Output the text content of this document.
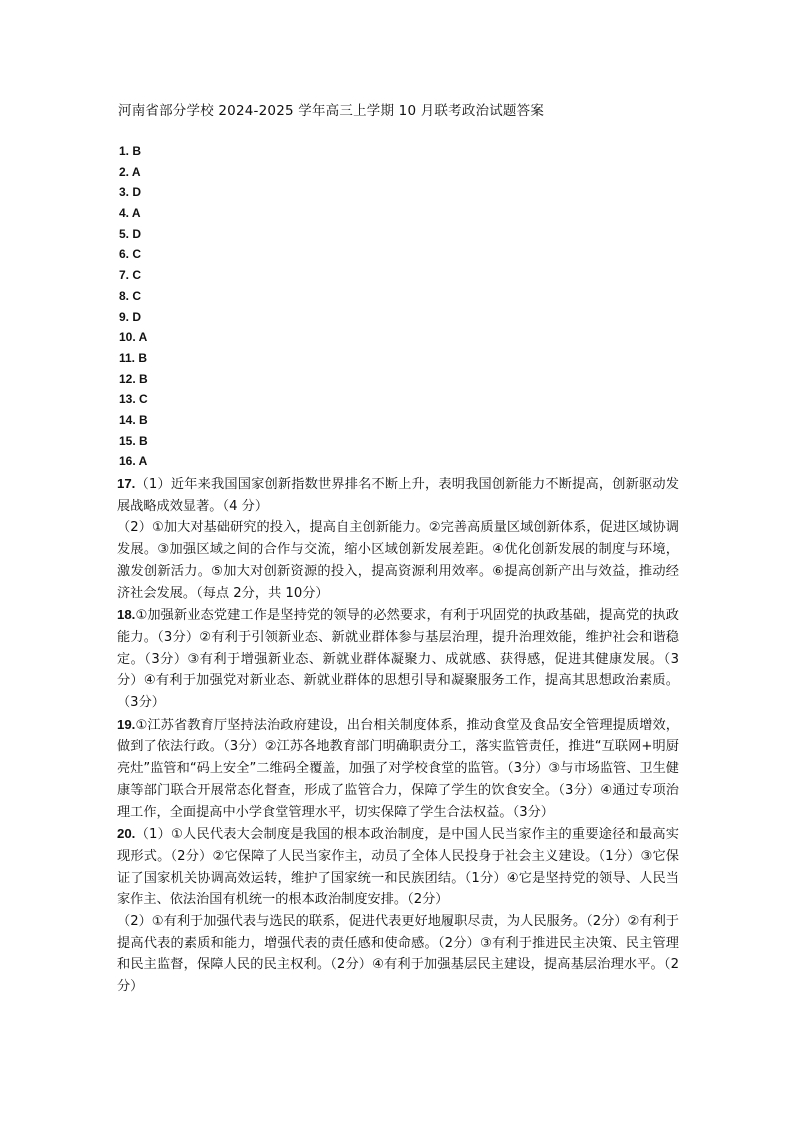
河南省部分学校 2024-2025 学年高三上学期 10 月联考政治试题答案
1. B
2. A
3. D
4. A
5. D
6. C
7. C
8. C
9. D
10. A
11. B
12. B
13. C
14. B
15. B
16. A

17.（1）近年来我国国家创新指数世界排名不断上升，表明我国创新能力不断提高，创新驱动发展战略成效显著。（4 分）

（2）①加大对基础研究的投入，提高自主创新能力。②完善高质量区域创新体系，促进区域协调发展。③加强区域之间的合作与交流，缩小区域创新发展差距。④优化创新发展的制度与环境，激发创新活力。⑤加大对创新资源的投入，提高资源利用效率。⑥提高创新产出与效益，推动经济社会发展。（每点 2分，共 10分）

18.①加强新业态党建工作是坚持党的领导的必然要求，有利于巩固党的执政基础，提高党的执政能力。（3分）②有利于引领新业态、新就业群体参与基层治理，提升治理效能，维护社会和谐稳定。（3分）③有利于增强新业态、新就业群体凝聚力、成就感、获得感，促进其健康发展。（3分）④有利于加强党对新业态、新就业群体的思想引导和凝聚服务工作，提高其思想政治素质。（3分）

19.①江苏省教育厅坚持法治政府建设，出台相关制度体系，推动食堂及食品安全管理提质增效，做到了依法行政。（3分）②江苏各地教育部门明确职责分工，落实监管责任，推进“互联网+明厨亮灶”监管和“码上安全”二维码全覆盖，加强了对学校食堂的监管。（3分）③与市场监管、卫生健康等部门联合开展常态化督查，形成了监管合力，保障了学生的饮食安全。（3分）④通过专项治理工作，全面提高中小学食堂管理水平，切实保障了学生合法权益。（3分）

20.（1）①人民代表大会制度是我国的根本政治制度，是中国人民当家作主的重要途径和最高实现形式。（2分）②它保障了人民当家作主，动员了全体人民投身于社会主义建设。（1分）③它保证了国家机关协调高效运转，维护了国家统一和民族团结。（1分）④它是坚持党的领导、人民当家作主、依法治国有机统一的根本政治制度安排。（2分）

（2）①有利于加强代表与选民的联系，促进代表更好地履职尽责，为人民服务。（2分）②有利于提高代表的素质和能力，增强代表的责任感和使命感。（2分）③有利于推进民主决策、民主管理和民主监督，保障人民的民主权利。（2分）④有利于加强基层民主建设，提高基层治理水平。（2分）
